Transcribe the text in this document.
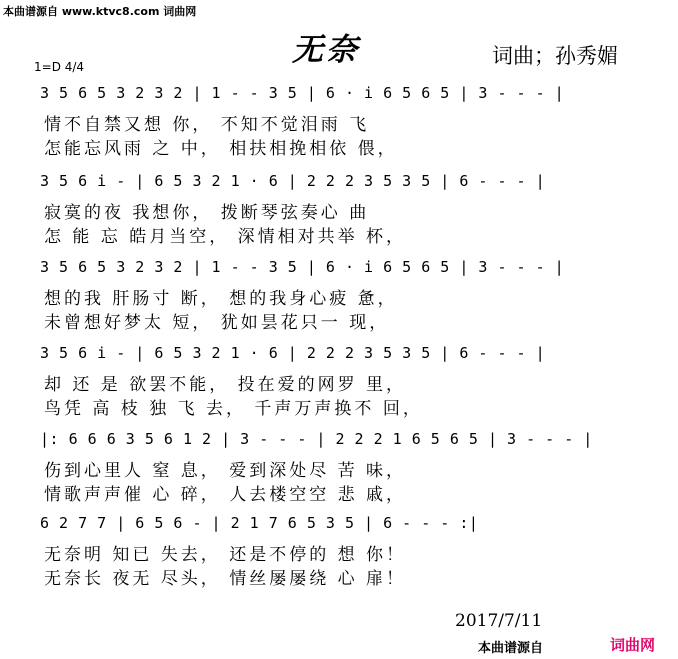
本曲谱源自 www.ktvc8.com 词曲网
无奈	词曲；孙秀媚
1=D 4/4
3 5 6 5 3 2 3 2 | 1 - - 3 5 | 6 · i 6 5 6 5 | 3 - - - |
情不自禁又想 你， 不知不觉泪雨 飞
怎能忘风雨 之 中， 相扶相挽相依 偎，
3 5 6 i - | 6 5 3 2 1 · 6 | 2 2 2 3 5 3 5 | 6 - - - |
寂寞的夜 我想你， 拨断琴弦奏心 曲
怎 能 忘 皓月当空， 深情相对共举 杯，
3 5 6 5 3 2 3 2 | 1 - - 3 5 | 6 · i 6 5 6 5 | 3 - - - |
想的我 肝肠寸 断， 想的我身心疲 惫，
未曾想好梦太 短， 犹如昙花只一 现，
3 5 6 i - | 6 5 3 2 1 · 6 | 2 2 2 3 5 3 5 | 6 - - - |
却 还 是 欲罢不能， 投在爱的网罗 里，
鸟凭 高 枝 独 飞 去， 千声万声换不 回，
|: 6 6 6 3 5 6 1 2 | 3 - - - | 2 2 2 1 6 5 6 5 | 3 - - - |
伤到心里人 窒 息， 爱到深处尽 苦 味，
情歌声声催 心 碎， 人去楼空空 悲 戚，
6 2 7 7 | 6 5 6 - | 2 1 7 6 5 3 5 | 6 - - - :|
无奈明 知已 失去， 还是不停的 想 你！
无奈长 夜无 尽头， 情丝屡屡绕 心 扉！
2017/7/11
本曲谱源自	词曲网
